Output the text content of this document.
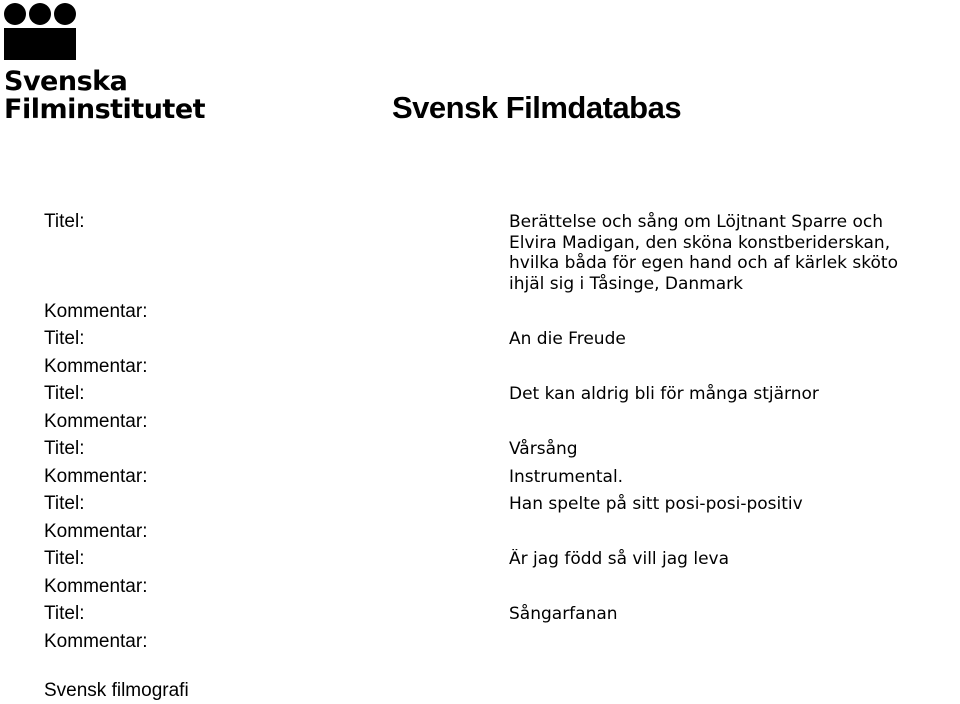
Svenska
Filminstitutet	Svensk Filmdatabas
Titel:	Berättelse och sång om Löjtnant Sparre och
Elvira Madigan, den sköna konstberiderskan,
hvilka båda för egen hand och af kärlek sköto
ihjäl sig i Tåsinge, Danmark
Kommentar:
Titel:	An die Freude
Kommentar:
Titel:	Det kan aldrig bli för många stjärnor
Kommentar:
Titel:	Vårsång
Kommentar:	Instrumental.
Titel:	Han spelte på sitt posi-posi-positiv
Kommentar:
Titel:	Är jag född så vill jag leva
Kommentar:
Titel:	Sångarfanan
Kommentar:
Svensk filmografi
